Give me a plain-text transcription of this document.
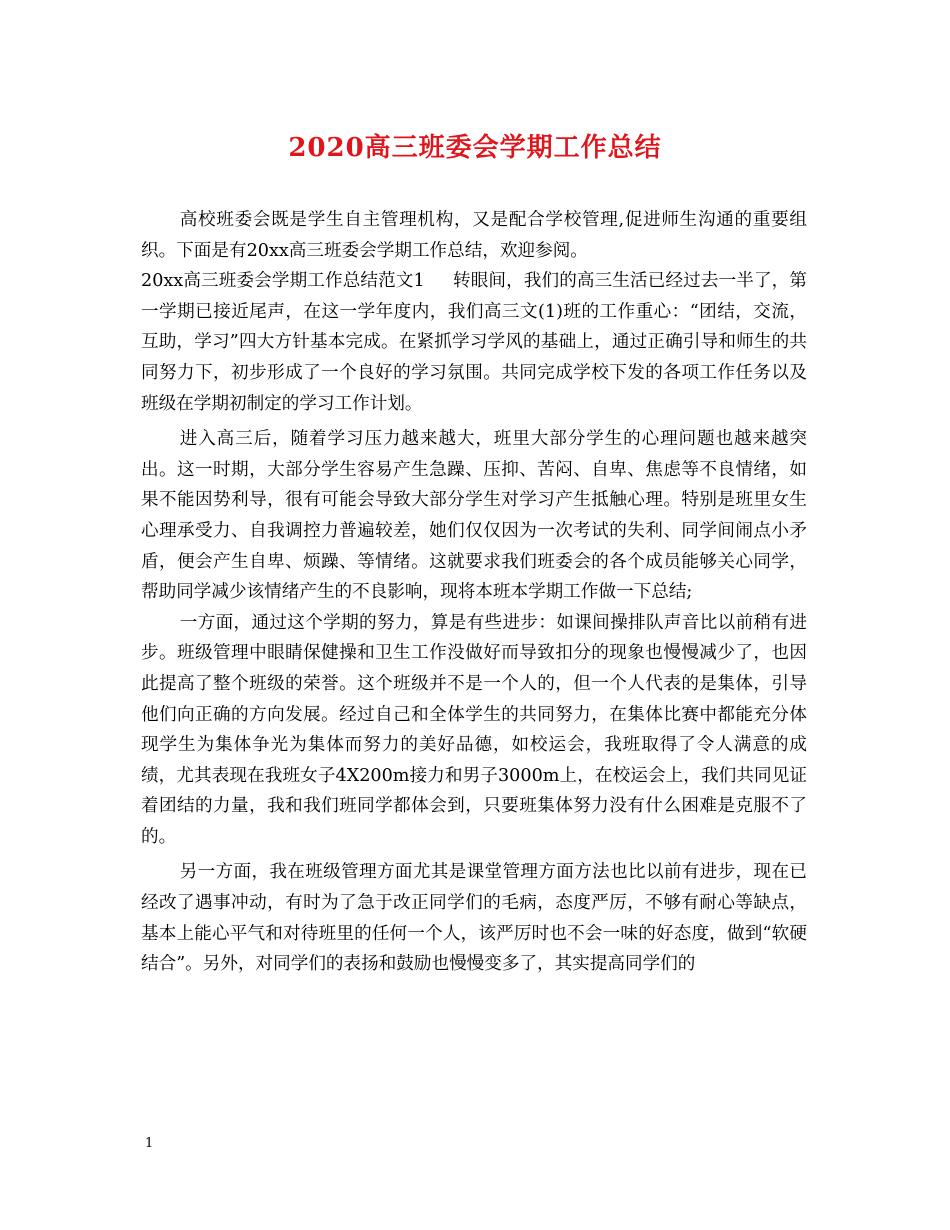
2020高三班委会学期工作总结

高校班委会既是学生自主管理机构，又是配合学校管理,促进师生沟通的重要组织。下面是有20xx高三班委会学期工作总结，欢迎参阅。

20xx高三班委会学期工作总结范文1 转眼间，我们的高三生活已经过去一半了，第一学期已接近尾声，在这一学年度内，我们高三文(1)班的工作重心：“团结，交流，互助，学习”四大方针基本完成。在紧抓学习学风的基础上，通过正确引导和师生的共同努力下，初步形成了一个良好的学习氛围。共同完成学校下发的各项工作任务以及班级在学期初制定的学习工作计划。

进入高三后，随着学习压力越来越大，班里大部分学生的心理问题也越来越突出。这一时期，大部分学生容易产生急躁、压抑、苦闷、自卑、焦虑等不良情绪，如果不能因势利导，很有可能会导致大部分学生对学习产生抵触心理。特别是班里女生心理承受力、自我调控力普遍较差，她们仅仅因为一次考试的失利、同学间闹点小矛盾，便会产生自卑、烦躁、等情绪。这就要求我们班委会的各个成员能够关心同学，帮助同学减少该情绪产生的不良影响，现将本班本学期工作做一下总结;

一方面，通过这个学期的努力，算是有些进步：如课间操排队声音比以前稍有进步。班级管理中眼睛保健操和卫生工作没做好而导致扣分的现象也慢慢减少了，也因此提高了整个班级的荣誉。这个班级并不是一个人的，但一个人代表的是集体，引导他们向正确的方向发展。经过自己和全体学生的共同努力，在集体比赛中都能充分体现学生为集体争光为集体而努力的美好品德，如校运会，我班取得了令人满意的成绩，尤其表现在我班女子4X200m接力和男子3000m上，在校运会上，我们共同见证着团结的力量，我和我们班同学都体会到，只要班集体努力没有什么困难是克服不了的。

另一方面，我在班级管理方面尤其是课堂管理方面方法也比以前有进步，现在已经改了遇事冲动，有时为了急于改正同学们的毛病，态度严厉，不够有耐心等缺点，基本上能心平气和对待班里的任何一个人，该严厉时也不会一味的好态度，做到“软硬结合”。另外，对同学们的表扬和鼓励也慢慢变多了，其实提高同学们的

1
